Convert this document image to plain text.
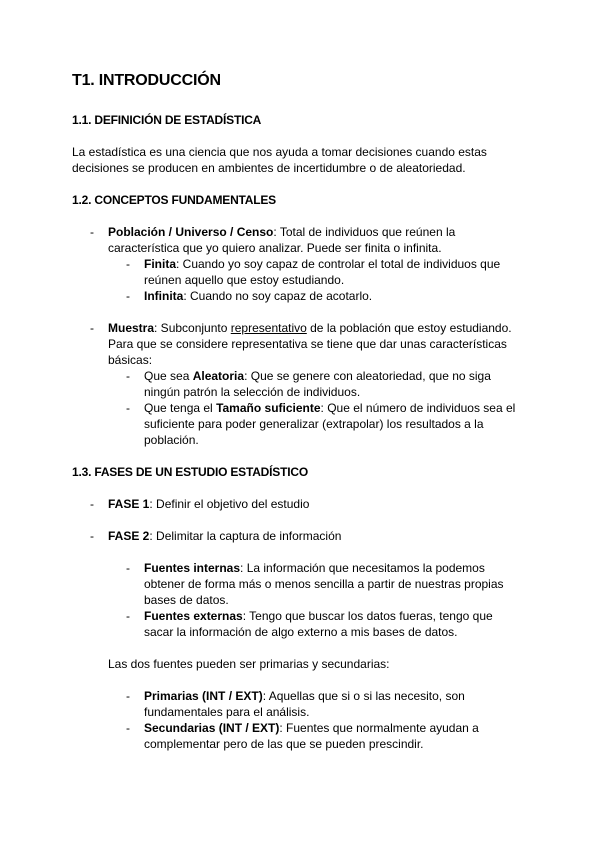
T1. INTRODUCCIÓN
1.1. DEFINICIÓN DE ESTADÍSTICA
La estadística es una ciencia que nos ayuda a tomar decisiones cuando estas
decisiones se producen en ambientes de incertidumbre o de aleatoriedad.
1.2. CONCEPTOS FUNDAMENTALES
- Población / Universo / Censo: Total de individuos que reúnen la
característica que yo quiero analizar. Puede ser finita o infinita.
- Finita: Cuando yo soy capaz de controlar el total de individuos que
reúnen aquello que estoy estudiando.
- Infinita: Cuando no soy capaz de acotarlo.
- Muestra: Subconjunto representativo de la población que estoy estudiando.
Para que se considere representativa se tiene que dar unas características
básicas:
- Que sea Aleatoria: Que se genere con aleatoriedad, que no siga
ningún patrón la selección de individuos.
- Que tenga el Tamaño suficiente: Que el número de individuos sea el
suficiente para poder generalizar (extrapolar) los resultados a la
población.
1.3. FASES DE UN ESTUDIO ESTADÍSTICO
- FASE 1: Definir el objetivo del estudio
- FASE 2: Delimitar la captura de información
- Fuentes internas: La información que necesitamos la podemos
obtener de forma más o menos sencilla a partir de nuestras propias
bases de datos.
- Fuentes externas: Tengo que buscar los datos fueras, tengo que
sacar la información de algo externo a mis bases de datos.
Las dos fuentes pueden ser primarias y secundarias:
- Primarias (INT / EXT): Aquellas que si o si las necesito, son
fundamentales para el análisis.
- Secundarias (INT / EXT): Fuentes que normalmente ayudan a
complementar pero de las que se pueden prescindir.
